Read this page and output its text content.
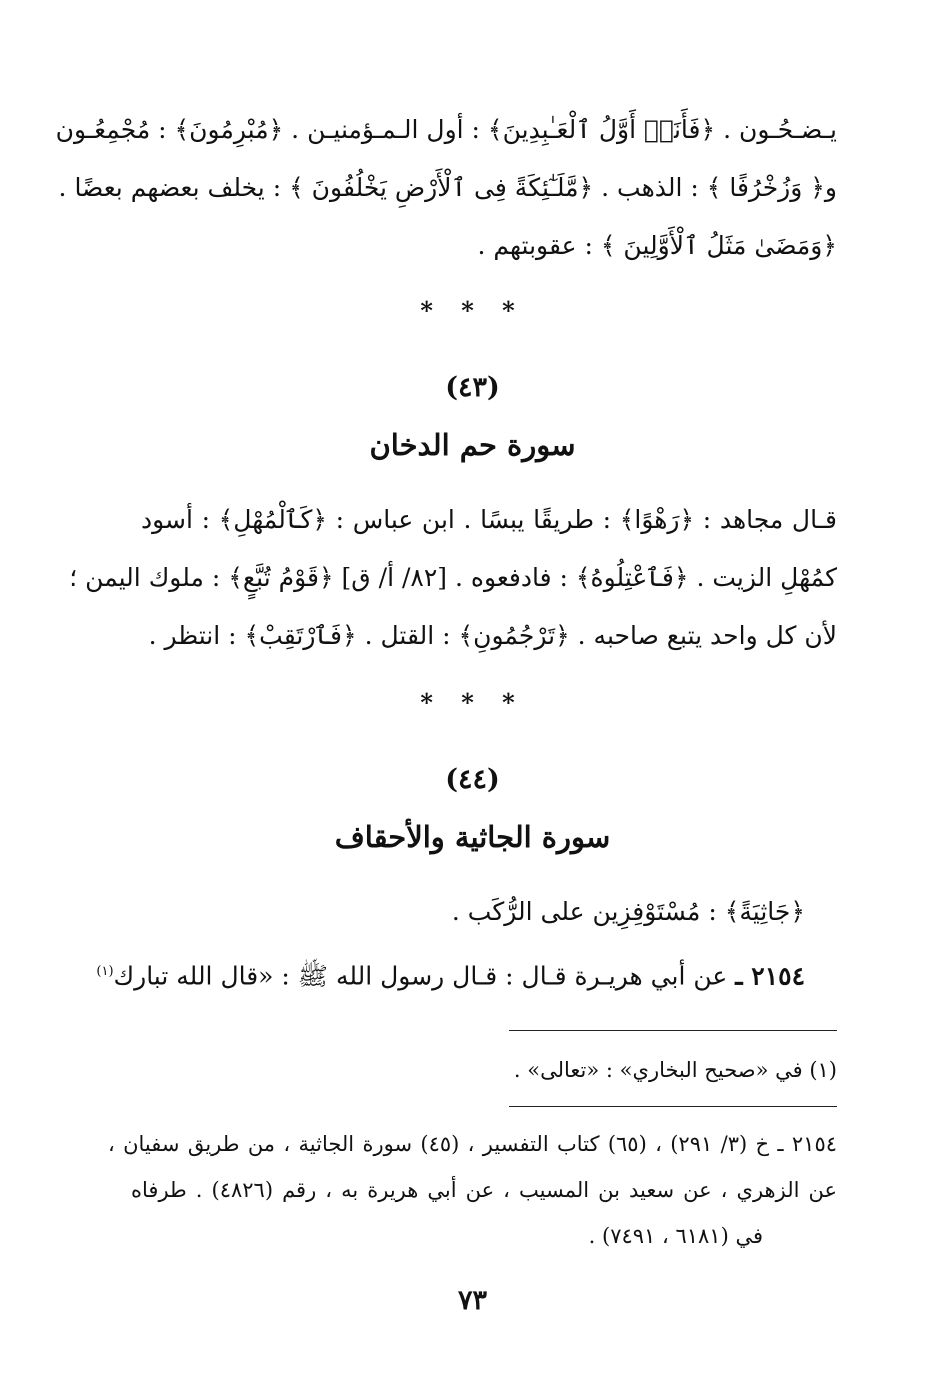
يـضـحُـون . ﴿فَأَنَا۠ أَوَّلُ ٱلْعَـٰبِدِينَ﴾ : أول الـمـؤمنيـن . ﴿مُبْرِمُونَ﴾ : مُجْمِعُـون
و﴿ وَزُخْرُفًا ﴾ : الذهب . ﴿مَّلَـٰٓئِكَةً فِى ٱلْأَرْضِ يَخْلُفُونَ ﴾ : يخلف بعضهم بعضًا .
﴿وَمَضَىٰ مَثَلُ ٱلْأَوَّلِينَ ﴾ : عقوبتهم .
* * *
(٤٣)
سورة حم الدخان
قـال مجاهد : ﴿رَهْوًا﴾ : طريقًا يبسًا . ابن عباس : ﴿كَٱلْمُهْلِ﴾ : أسود
كمُهْلِ الزيت . ﴿فَٱعْتِلُوهُ﴾ : فادفعوه . [٨٢/ أ/ ق] ﴿قَوْمُ تُبَّعٍ﴾ : ملوك اليمن ؛
لأن كل واحد يتبع صاحبه . ﴿تَرْجُمُونِ﴾ : القتل . ﴿فَٱرْتَقِبْ﴾ : انتظر .
* * *
(٤٤)
سورة الجاثية والأحقاف
﴿جَاثِيَةً﴾ : مُسْتَوْفِزِين على الرُّكَب .
٢١٥٤ ـ عن أبي هريـرة قـال : قـال رسول الله ﷺ : «قال الله تبارك$^{(١)}$
(١) في «صحيح البخاري» : «تعالى» .
٢١٥٤ ـ خ (٣/ ٢٩١) ، (٦٥) كتاب التفسير ، (٤٥) سورة الجاثية ، من طريق سفيان ،
عن الزهري ، عن سعيد بن المسيب ، عن أبي هريرة به ، رقم (٤٨٢٦) . طرفاه
في (٦١٨١ ، ٧٤٩١) .
٧٣
